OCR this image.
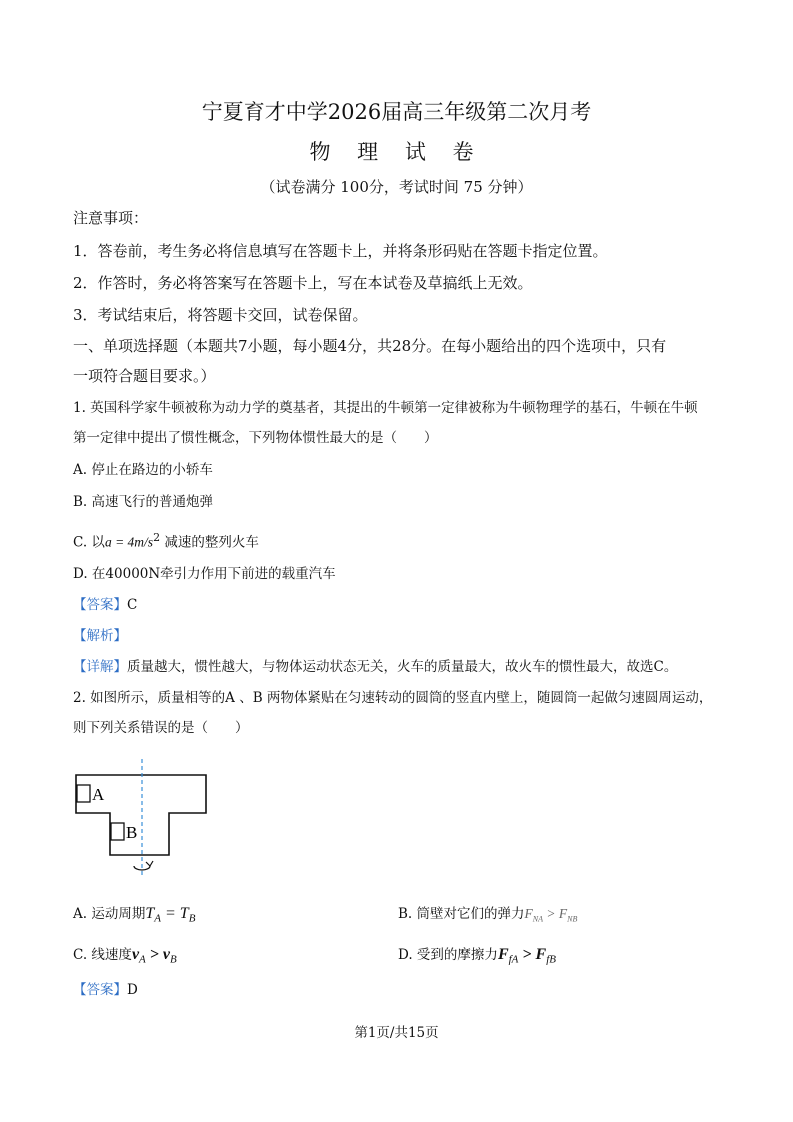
宁夏育才中学2026届高三年级第二次月考
物 理 试 卷
（试卷满分 100分，考试时间 75 分钟）
注意事项：
1．答卷前，考生务必将信息填写在答题卡上，并将条形码贴在答题卡指定位置。
2．作答时，务必将答案写在答题卡上，写在本试卷及草搞纸上无效。
3．考试结束后，将答题卡交回，试卷保留。
一、单项选择题（本题共7小题，每小题4分，共28分。在每小题给出的四个选项中，只有
一项符合题目要求。）
1. 英国科学家牛顿被称为动力学的奠基者，其提出的牛顿第一定律被称为牛顿物理学的基石，牛顿在牛顿
第一定律中提出了惯性概念，下列物体惯性最大的是（　　）
A. 停止在路边的小轿车
B. 高速飞行的普通炮弹
C. 以$a = 4m/s^2$ 减速的整列火车
D. 在40000N牵引力作用下前进的载重汽车
【答案】C
【解析】
【详解】质量越大，惯性越大，与物体运动状态无关，火车的质量最大，故火车的惯性最大，故选C。
2. 如图所示，质量相等的A 、B 两物体紧贴在匀速转动的圆筒的竖直内壁上，随圆筒一起做匀速圆周运动，
则下列关系错误的是（　　）
A
B
A. 运动周期$T_A = T_B$	B. 筒壁对它们的弹力$F_{NA} > F_{NB}$
C. 线速度$v_A > v_B$	D. 受到的摩擦力$F_{fA} > F_{fB}$
【答案】D
第1页/共15页
